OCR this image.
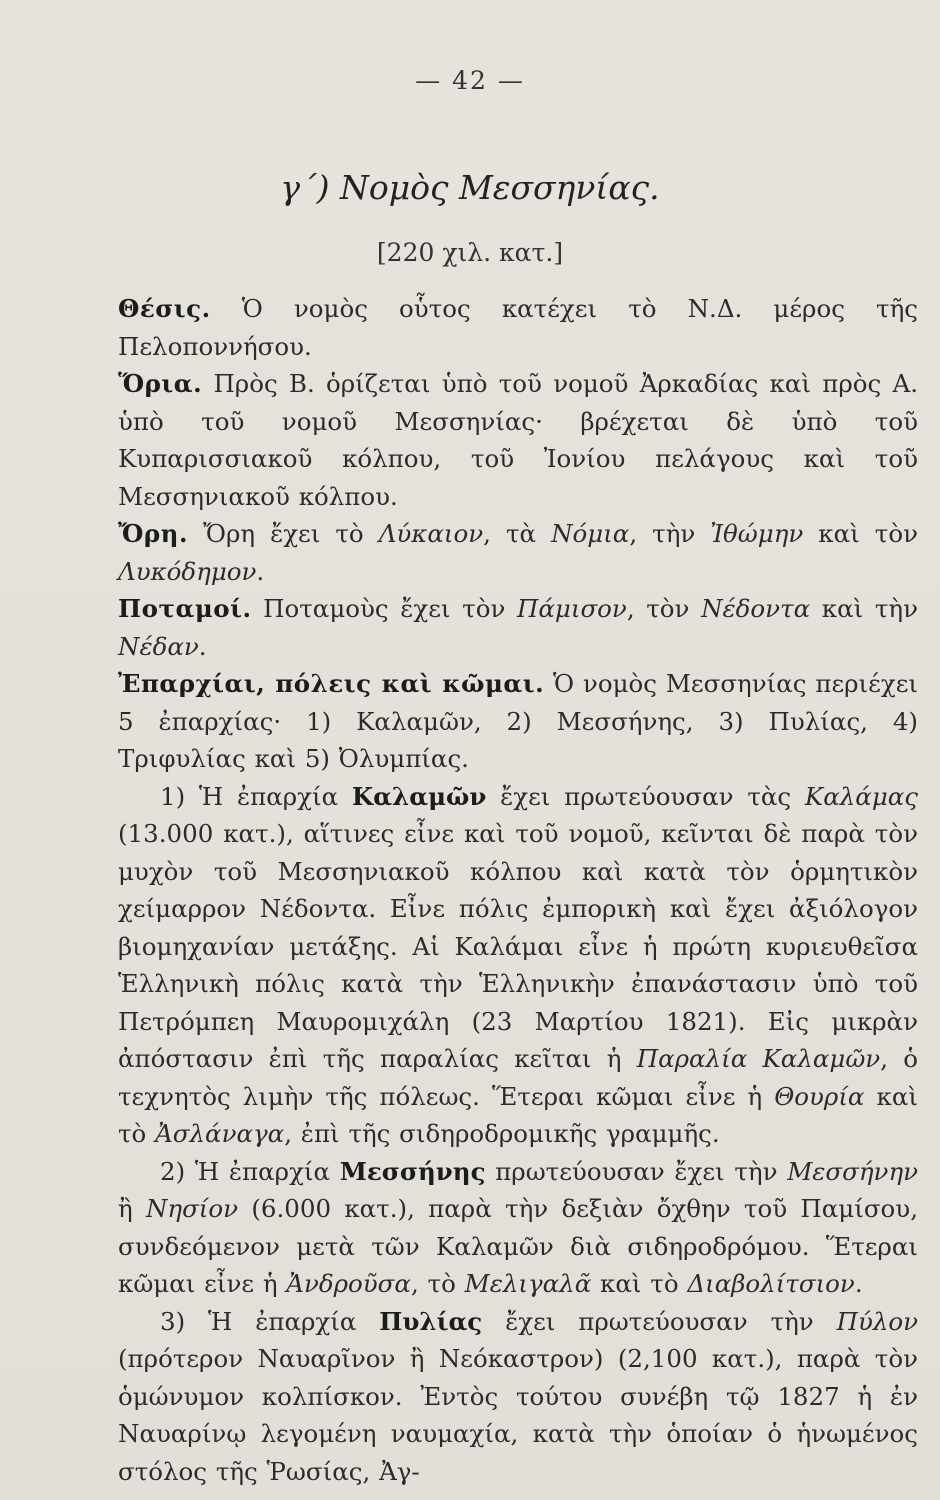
— 42 —
γ΄) Νομὸς Μεσσηνίας.
[220 χιλ. κατ.]

Θέσις. Ὁ νομὸς οὗτος κατέχει τὸ Ν.Δ. μέρος τῆς Πελοποννήσου.

Ὅρια. Πρὸς Β. ὁρίζεται ὑπὸ τοῦ νομοῦ Ἀρκαδίας καὶ πρὸς Α. ὑπὸ τοῦ νομοῦ Μεσσηνίας· βρέχεται δὲ ὑπὸ τοῦ Κυπαρισσιακοῦ κόλπου, τοῦ Ἰονίου πελάγους καὶ τοῦ Μεσσηνιακοῦ κόλπου.

Ὄρη. Ὄρη ἔχει τὸ Λύκαιον, τὰ Νόμια, τὴν Ἰθώμην καὶ τὸν Λυκόδημον.

Ποταμοί. Ποταμοὺς ἔχει τὸν Πάμισον, τὸν Νέδοντα καὶ τὴν Νέδαν.

Ἐπαρχίαι, πόλεις καὶ κῶμαι. Ὁ νομὸς Μεσσηνίας περιέχει 5 ἐπαρχίας· 1) Καλαμῶν, 2) Μεσσήνης, 3) Πυλίας, 4) Τριφυλίας καὶ 5) Ὀλυμπίας.

1) Ἡ ἐπαρχία Καλαμῶν ἔχει πρωτεύουσαν τὰς Καλάμας (13.000 κατ.), αἵτινες εἶνε καὶ τοῦ νομοῦ, κεῖνται δὲ παρὰ τὸν μυχὸν τοῦ Μεσσηνιακοῦ κόλπου καὶ κατὰ τὸν ὁρμητικὸν χείμαρρον Νέδοντα. Εἶνε πόλις ἐμπορικὴ καὶ ἔχει ἀξιόλογον βιομηχανίαν μετάξης. Αἱ Καλάμαι εἶνε ἡ πρώτη κυριευθεῖσα Ἑλληνικὴ πόλις κατὰ τὴν Ἑλληνικὴν ἐπανάστασιν ὑπὸ τοῦ Πετρόμπεη Μαυρομιχάλη (23 Μαρτίου 1821). Εἰς μικρὰν ἀπόστασιν ἐπὶ τῆς παραλίας κεῖται ἡ Παραλία Καλαμῶν, ὁ τεχνητὸς λιμὴν τῆς πόλεως. Ἕτεραι κῶμαι εἶνε ἡ Θουρία καὶ τὸ Ἀσλάναγα, ἐπὶ τῆς σιδηροδρομικῆς γραμμῆς.

2) Ἡ ἐπαρχία Μεσσήνης πρωτεύουσαν ἔχει τὴν Μεσσήνην ἢ Νησίον (6.000 κατ.), παρὰ τὴν δεξιὰν ὄχθην τοῦ Παμίσου, συνδεόμενον μετὰ τῶν Καλαμῶν διὰ σιδηροδρόμου. Ἕτεραι κῶμαι εἶνε ἡ Ἀνδροῦσα, τὸ Μελιγαλᾶ καὶ τὸ Διαβολίτσιον.

3) Ἡ ἐπαρχία Πυλίας ἔχει πρωτεύουσαν τὴν Πύλον (πρότερον Ναυαρῖνον ἢ Νεόκαστρον) (2,100 κατ.), παρὰ τὸν ὁμώνυμον κολπίσκον. Ἐντὸς τούτου συνέβη τῷ 1827 ἡ ἐν Ναυαρίνῳ λεγομένη ναυμαχία, κατὰ τὴν ὁποίαν ὁ ἡνωμένος στόλος τῆς Ῥωσίας, Ἀγ-
